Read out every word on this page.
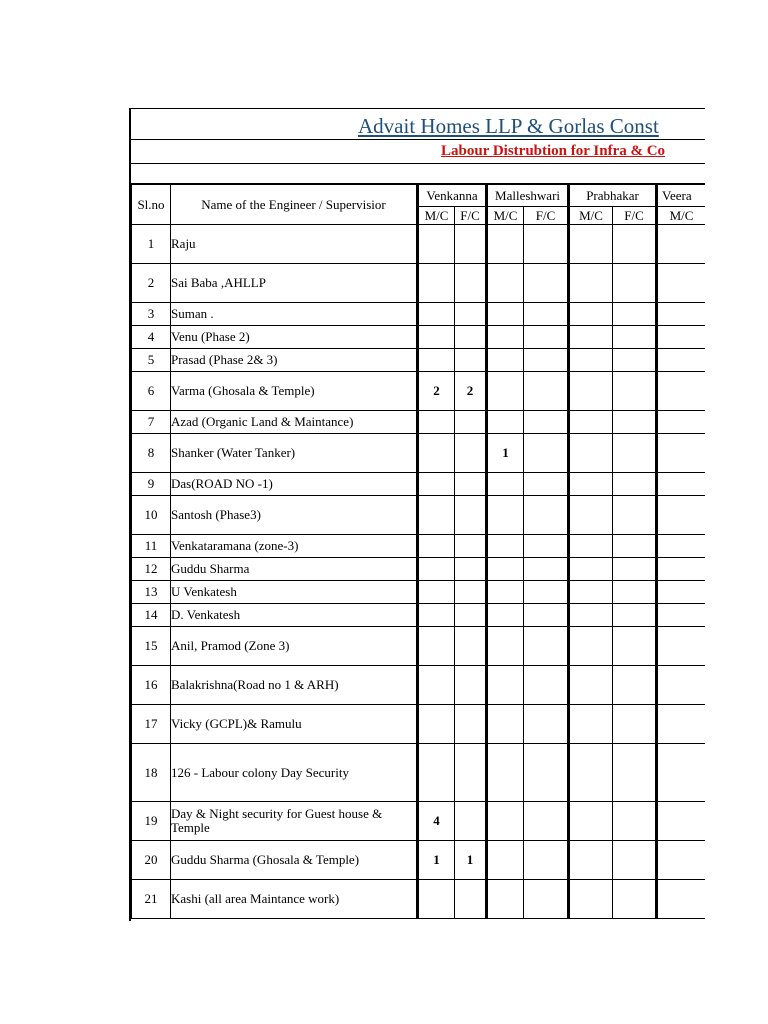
Advait Homes LLP & Gorlas Const
Labour Distrubtion for Infra & Co
Sl.no	Name of the Engineer / Supervisior	Venkanna		Malleshwari		Prabhakar		Veera
		M/C	F/C	M/C	F/C	M/C	F/C	M/C
1	Raju							
2	Sai Baba ,AHLLP							
3	Suman .							
4	Venu (Phase 2)							
5	Prasad (Phase 2& 3)							
6	Varma (Ghosala & Temple)	2	2					
7	Azad (Organic Land & Maintance)							
8	Shanker (Water Tanker)			1				
9	Das(ROAD NO -1)							
10	Santosh (Phase3)							
11	Venkataramana (zone-3)							
12	Guddu Sharma							
13	U Venkatesh							
14	D. Venkatesh							
15	Anil, Pramod (Zone 3)							
16	Balakrishna(Road no 1 & ARH)							
17	Vicky (GCPL)& Ramulu							
18	126 - Labour colony Day Security							
19	Day & Night security for Guest house & Temple	4						
20	Guddu Sharma (Ghosala & Temple)	1	1					
21	Kashi (all area Maintance work)							
